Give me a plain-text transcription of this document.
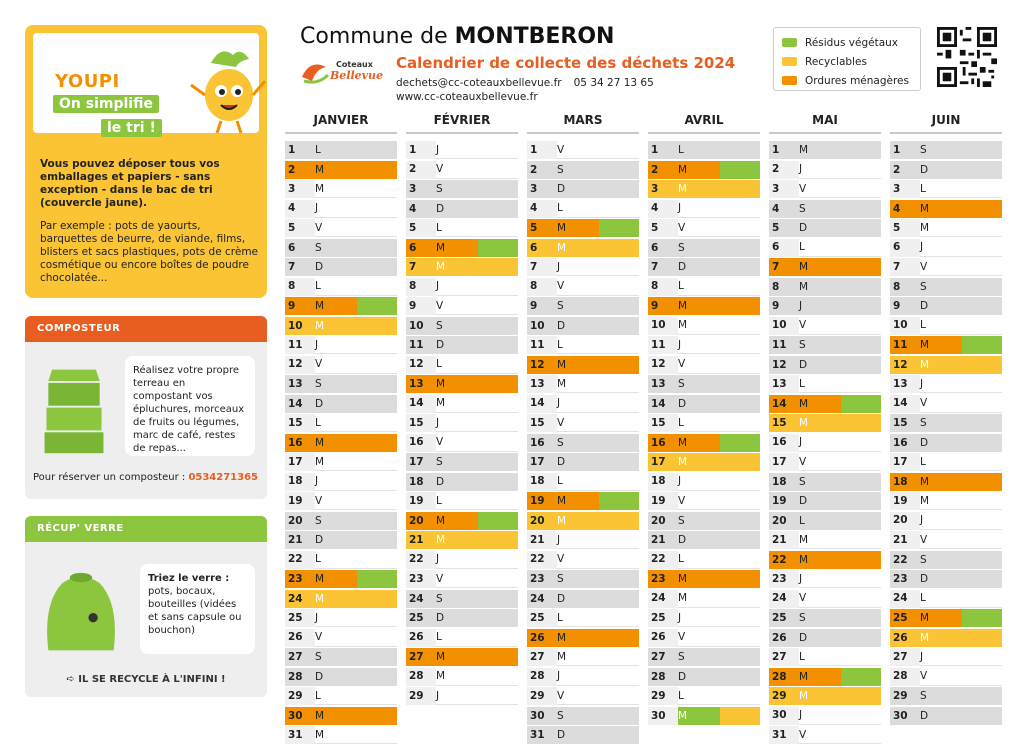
YOUPI
On simplifie
le tri !

Vous pouvez déposer tous vos emballages et papiers - sans exception - dans le bac de tri (couvercle jaune).

Par exemple : pots de yaourts, barquettes de beurre, de viande, films, blisters et sacs plastiques, pots de crème cosmétique ou encore boîtes de poudre chocolatée...

COMPOSTEUR
Réalisez votre propre terreau en compostant vos épluchures, morceaux de fruits ou légumes, marc de café, restes de repas...
Pour réserver un composteur : 0534271365
RÉCUP' VERRE
Triez le verre :
pots, bocaux, bouteilles (vidées et sans capsule ou bouchon)
➪ IL SE RECYCLE À L'INFINI !
Commune de MONTBERON
Coteaux
Bellevue
Calendrier de collecte des déchets 2024
dechets@cc-coteauxbellevue.fr 05 34 27 13 65
www.cc-coteauxbellevue.fr
Résidus végétaux
Recyclables
Ordures ménagères
JANVIER
1	L
2	M
3	M
4	J
5	V
6	S
7	D
8	L
9	M
10	M
11	J
12	V
13	S
14	D
15	L
16	M
17	M
18	J
19	V
20	S
21	D
22	L
23	M
24	M
25	J
26	V
27	S
28	D
29	L
30	M
31	M
FÉVRIER
1	J
2	V
3	S
4	D
5	L
6	M
7	M
8	J
9	V
10	S
11	D
12	L
13	M
14	M
15	J
16	V
17	S
18	D
19	L
20	M
21	M
22	J
23	V
24	S
25	D
26	L
27	M
28	M
29	J
MARS
1	V
2	S
3	D
4	L
5	M
6	M
7	J
8	V
9	S
10	D
11	L
12	M
13	M
14	J
15	V
16	S
17	D
18	L
19	M
20	M
21	J
22	V
23	S
24	D
25	L
26	M
27	M
28	J
29	V
30	S
31	D
AVRIL
1	L
2	M
3	M
4	J
5	V
6	S
7	D
8	L
9	M
10	M
11	J
12	V
13	S
14	D
15	L
16	M
17	M
18	J
19	V
20	S
21	D
22	L
23	M
24	M
25	J
26	V
27	S
28	D
29	L
30	M
MAI
1	M
2	J
3	V
4	S
5	D
6	L
7	M
8	M
9	J
10	V
11	S
12	D
13	L
14	M
15	M
16	J
17	V
18	S
19	D
20	L
21	M
22	M
23	J
24	V
25	S
26	D
27	L
28	M
29	M
30	J
31	V
JUIN
1	S
2	D
3	L
4	M
5	M
6	J
7	V
8	S
9	D
10	L
11	M
12	M
13	J
14	V
15	S
16	D
17	L
18	M
19	M
20	J
21	V
22	S
23	D
24	L
25	M
26	M
27	J
28	V
29	S
30	D
